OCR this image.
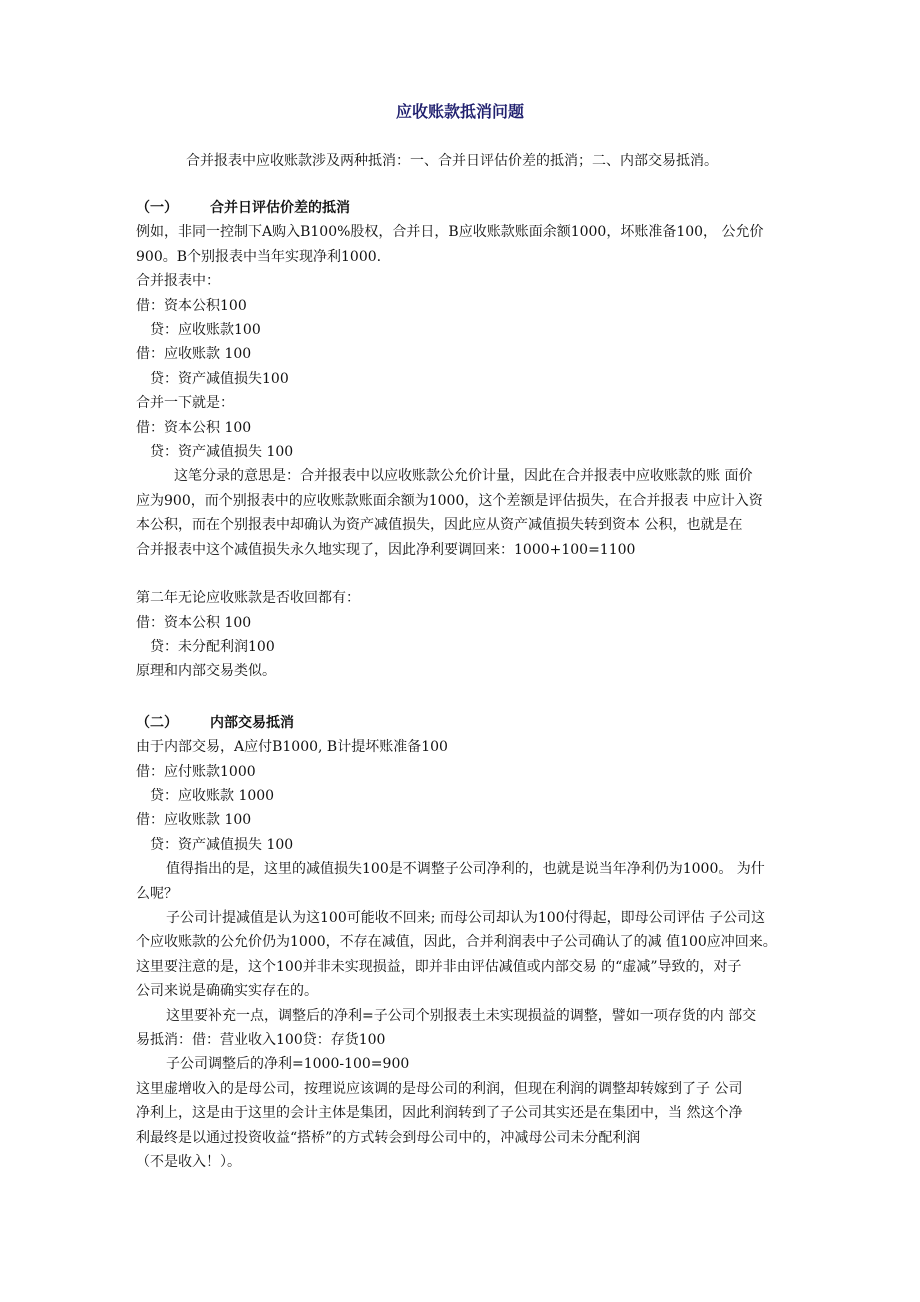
应收账款抵消问题
合并报表中应收账款涉及两种抵消：一、合并日评估价差的抵消；二、内部交易抵消。

（一） 合并日评估价差的抵消

例如，非同一控制下A购入B100%股权，合并日，B应收账款账面余额1000，坏账准备100， 公允价

900。B个别报表中当年实现净利1000.

合并报表中：

借：资本公积100

贷：应收账款100

借：应收账款 100

贷：资产减值损失100

合并一下就是：

借：资本公积 100

贷：资产减值损失 100

这笔分录的意思是：合并报表中以应收账款公允价计量，因此在合并报表中应收账款的账 面价

应为900，而个别报表中的应收账款账面余额为1000，这个差额是评估损失，在合并报表 中应计入资

本公积，而在个别报表中却确认为资产减值损失，因此应从资产减值损失转到资本 公积，也就是在

合并报表中这个减值损失永久地实现了，因此净利要调回来：1000+100=1100

第二年无论应收账款是否收回都有：

借：资本公积 100

贷：未分配利润100

原理和内部交易类似。

（二） 内部交易抵消

由于内部交易，A应付B1000, B计提坏账准备100

借：应付账款1000

贷：应收账款 1000

借：应收账款 100

贷：资产减值损失 100

值得指出的是，这里的减值损失100是不调整子公司净利的，也就是说当年净利仍为1000。 为什

么呢？

子公司计提减值是认为这100可能收不回来; 而母公司却认为100付得起，即母公司评估 子公司这

个应收账款的公允价仍为1000，不存在减值，因此，合并利润表中子公司确认了的减 值100应冲回来。

这里要注意的是，这个100并非未实现损益，即并非由评估减值或内部交易 的“虚减”导致的，对子

公司来说是确确实实存在的。

这里要补充一点，调整后的净利=子公司个别报表土未实现损益的调整，譬如一项存货的内 部交

易抵消：借：营业收入100贷：存货100

子公司调整后的净利=1000-100=900

这里虚增收入的是母公司，按理说应该调的是母公司的利润，但现在利润的调整却转嫁到了子 公司

净利上，这是由于这里的会计主体是集团，因此利润转到了子公司其实还是在集团中，当 然这个净

利最终是以通过投资收益“搭桥”的方式转会到母公司中的，冲减母公司未分配利润

（不是收入！）。
